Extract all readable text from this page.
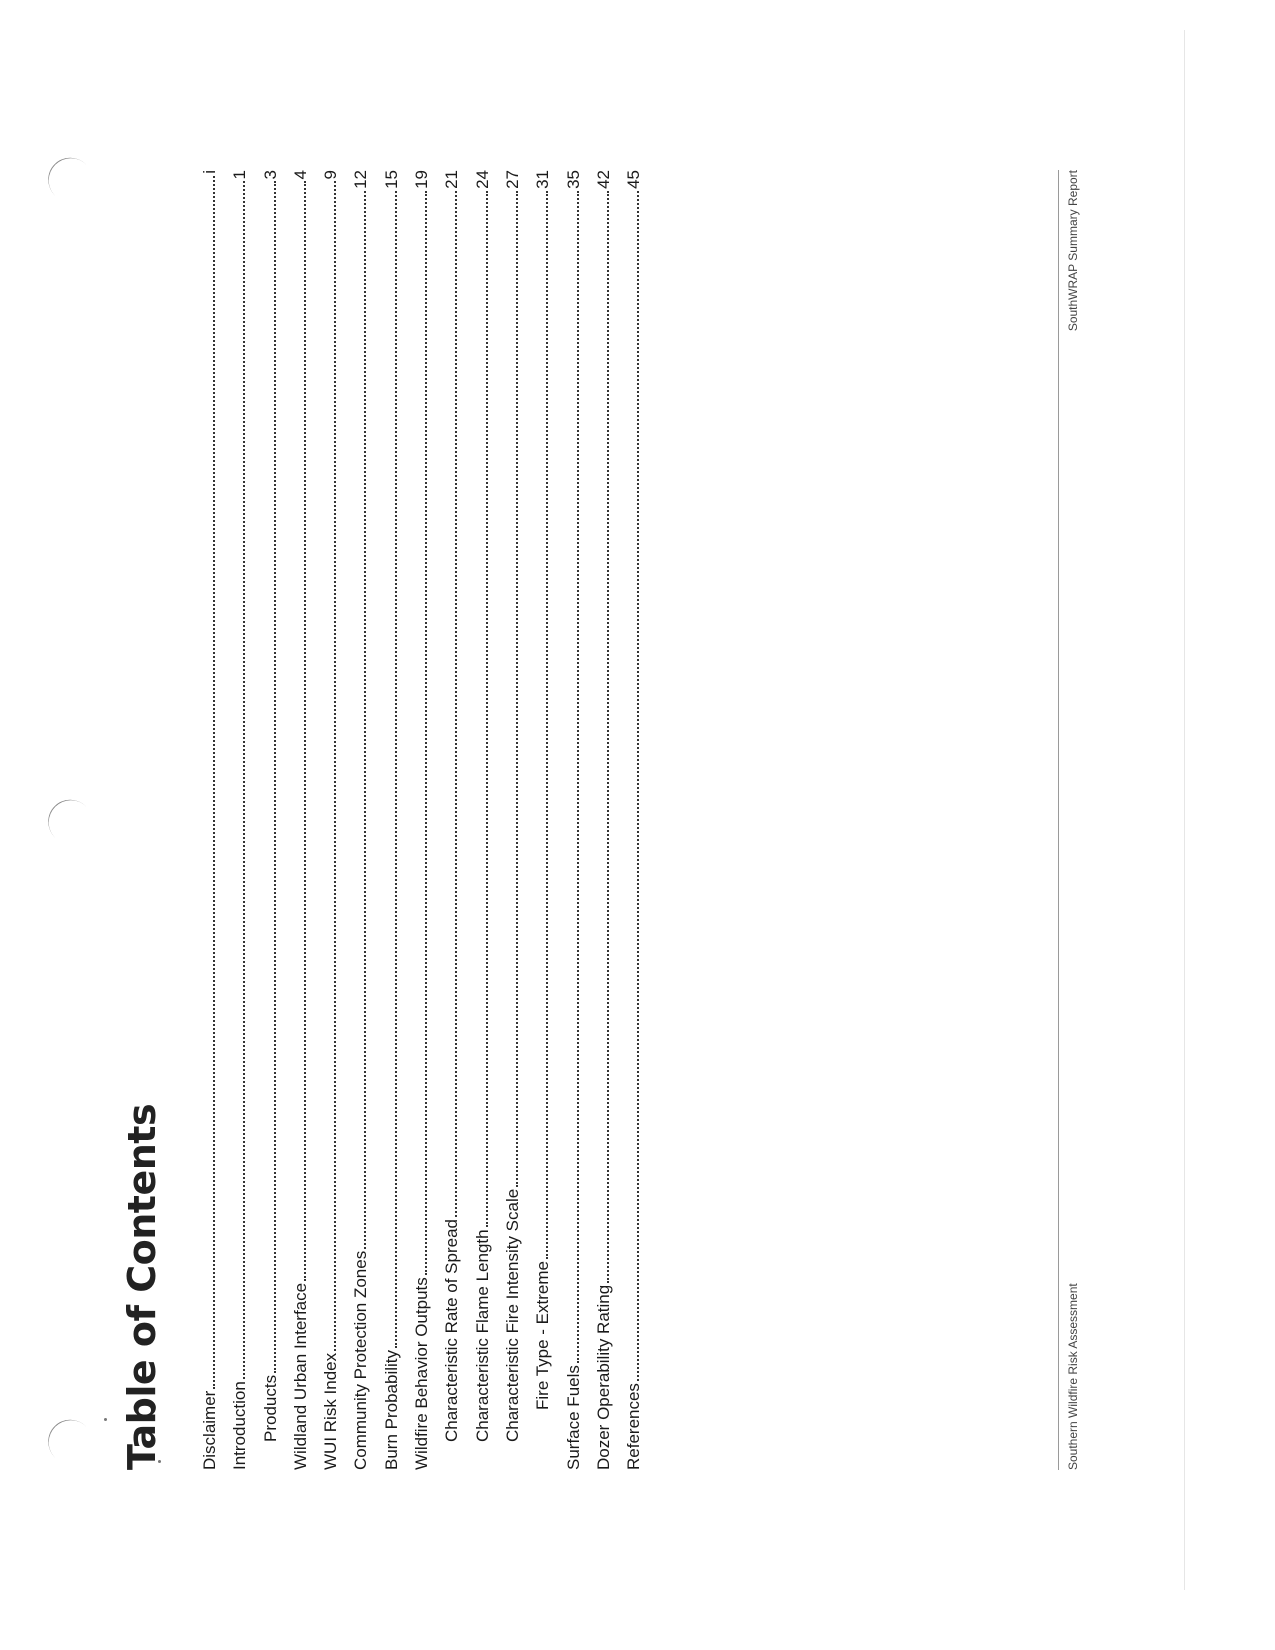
Table of Contents Disclaimer
i
Introduction
1
Products
3
Wildland Urban Interface
4
WUI Risk Index
9
Community Protection Zones
12
Burn Probability
15
Wildfire Behavior Outputs
19
Characteristic Rate of Spread
21
Characteristic Flame Length
24
Characteristic Fire Intensity Scale
27
Fire Type - Extreme
31
Surface Fuels
35
Dozer Operability Rating
42
References
45
Southern Wildfire Risk Assessment
SouthWRAP Summary Report
